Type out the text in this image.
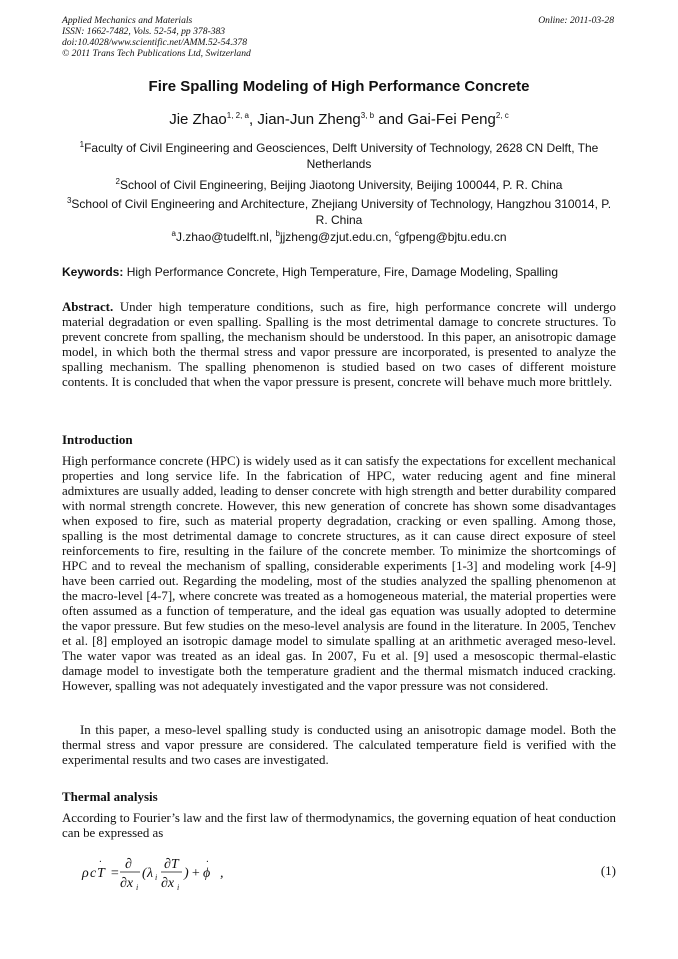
Applied Mechanics and Materials
ISSN: 1662-7482, Vols. 52-54, pp 378-383
doi:10.4028/www.scientific.net/AMM.52-54.378
© 2011 Trans Tech Publications Ltd, Switzerland
Online: 2011-03-28
Fire Spalling Modeling of High Performance Concrete
Jie Zhao$^{1, 2, a}$, Jian-Jun Zheng$^{3, b}$ and Gai-Fei Peng$^{2, c}$
$^1$Faculty of Civil Engineering and Geosciences, Delft University of Technology, 2628 CN Delft, The Netherlands
$^2$School of Civil Engineering, Beijing Jiaotong University, Beijing 100044, P. R. China
$^3$School of Civil Engineering and Architecture, Zhejiang University of Technology, Hangzhou 310014, P. R. China
$^a$J.zhao@tudelft.nl, $^b$jjzheng@zjut.edu.cn, $^c$gfpeng@bjtu.edu.cn
Keywords: High Performance Concrete, High Temperature, Fire, Damage Modeling, Spalling
Abstract. Under high temperature conditions, such as fire, high performance concrete will undergo material degradation or even spalling. Spalling is the most detrimental damage to concrete structures. To prevent concrete from spalling, the mechanism should be understood. In this paper, an anisotropic damage model, in which both the thermal stress and vapor pressure are incorporated, is presented to analyze the spalling mechanism. The spalling phenomenon is studied based on two cases of different moisture contents. It is concluded that when the vapor pressure is present, concrete will behave much more brittlely.
Introduction
High performance concrete (HPC) is widely used as it can satisfy the expectations for excellent mechanical properties and long service life. In the fabrication of HPC, water reducing agent and fine mineral admixtures are usually added, leading to denser concrete with high strength and better durability compared with normal strength concrete. However, this new generation of concrete has shown some disadvantages when exposed to fire, such as material property degradation, cracking or even spalling. Among those, spalling is the most detrimental damage to concrete structures, as it can cause direct exposure of steel reinforcements to fire, resulting in the failure of the concrete member. To minimize the shortcomings of HPC and to reveal the mechanism of spalling, considerable experiments [1-3] and modeling work [4-9] have been carried out. Regarding the modeling, most of the studies analyzed the spalling phenomenon at the macro-level [4-7], where concrete was treated as a homogeneous material, the material properties were often assumed as a function of temperature, and the ideal gas equation was usually adopted to determine the vapor pressure. But few studies on the meso-level analysis are found in the literature. In 2005, Tenchev et al. [8] employed an isotropic damage model to simulate spalling at an arithmetic averaged meso-level. The water vapor was treated as an ideal gas. In 2007, Fu et al. [9] used a mesoscopic thermal-elastic damage model to investigate both the temperature gradient and the thermal mismatch induced cracking. However, spalling was not adequately investigated and the vapor pressure was not considered.
In this paper, a meso-level spalling study is conducted using an anisotropic damage model. Both the thermal stress and vapor pressure are considered. The calculated temperature field is verified with the experimental results and two cases are investigated.
Thermal analysis
According to Fourier’s law and the first law of thermodynamics, the governing equation of heat conduction can be expressed as
ρ c T
·
=
∂
∂x i
( λ i
∂T
∂x i
) + ϕ
·
,	(1)
